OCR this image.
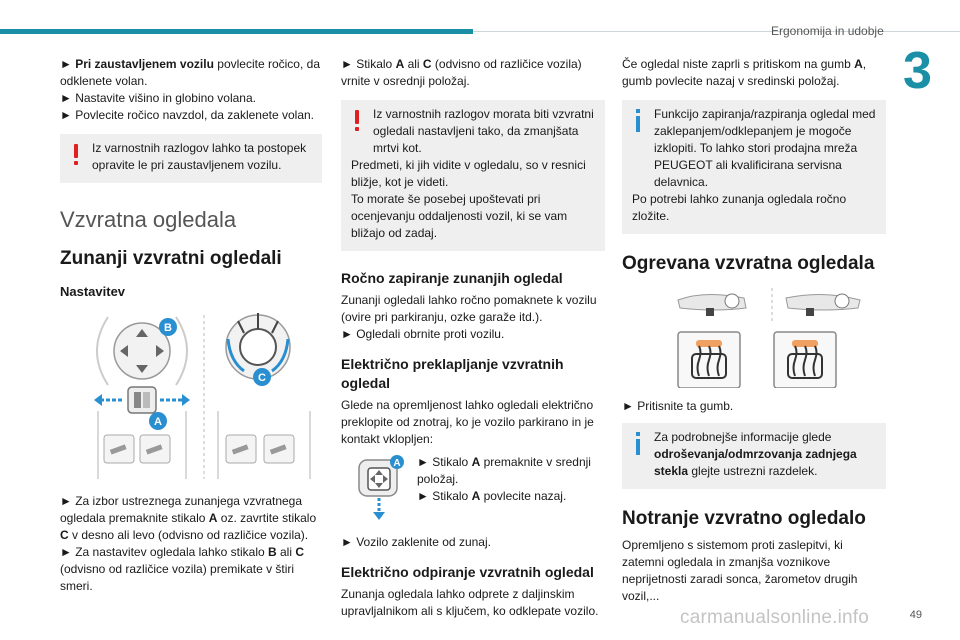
Ergonomija in udobje
3

► Pri zaustavljenem vozilu povlecite ročico, da odklenete volan.

► Nastavite višino in globino volana.

► Povlecite ročico navzdol, da zaklenete volan.

Iz varnostnih razlogov lahko ta postopek opravite le pri zaustavljenem vozilu.
Vzvratna ogledala
Zunanji vzvratni ogledali
Nastavitev
B
A
C

► Za izbor ustreznega zunanjega vzvratnega ogledala premaknite stikalo A oz. zavrtite stikalo C v desno ali levo (odvisno od različice vozila).

► Za nastavitev ogledala lahko stikalo B ali C (odvisno od različice vozila) premikate v štiri smeri.

► Stikalo A ali C (odvisno od različice vozila) vrnite v osrednji položaj.

Iz varnostnih razlogov morata biti vzvratni ogledali nastavljeni tako, da zmanjšata mrtvi kot.
Predmeti, ki jih vidite v ogledalu, so v resnici bližje, kot je videti.
To morate še posebej upoštevati pri ocenjevanju oddaljenosti vozil, ki se vam bližajo od zadaj.
Ročno zapiranje zunanjih ogledal

Zunanji ogledali lahko ročno pomaknete k vozilu (ovire pri parkiranju, ozke garaže itd.).

► Ogledali obrnite proti vozilu.

Električno preklapljanje vzvratnih ogledal

Glede na opremljenost lahko ogledali električno preklopite od znotraj, ko je vozilo parkirano in je kontakt vklopljen:

A ► Stikalo A premaknite v srednji položaj.

► Stikalo A povlecite nazaj.

► Vozilo zaklenite od zunaj.

Električno odpiranje vzvratnih ogledal

Zunanja ogledala lahko odprete z daljinskim upravljalnikom ali s ključem, ko odklepate vozilo.

Če ogledal niste zaprli s pritiskom na gumb A, gumb povlecite nazaj v sredinski položaj.

Funkcijo zapiranja/razpiranja ogledal med zaklepanjem/odklepanjem je mogoče izklopiti. To lahko stori prodajna mreža PEUGEOT ali kvalificirana servisna delavnica.
Po potrebi lahko zunanja ogledala ročno zložite.
Ogrevana vzvratna ogledala

► Pritisnite ta gumb.

Za podrobnejše informacije glede odroševanja/odmrzovanja zadnjega stekla glejte ustrezni razdelek.
Notranje vzvratno ogledalo

Opremljeno s sistemom proti zaslepitvi, ki zatemni ogledala in zmanjša voznikove neprijetnosti zaradi sonca, žarometov drugih vozil,...

carmanualsonline.info	49
